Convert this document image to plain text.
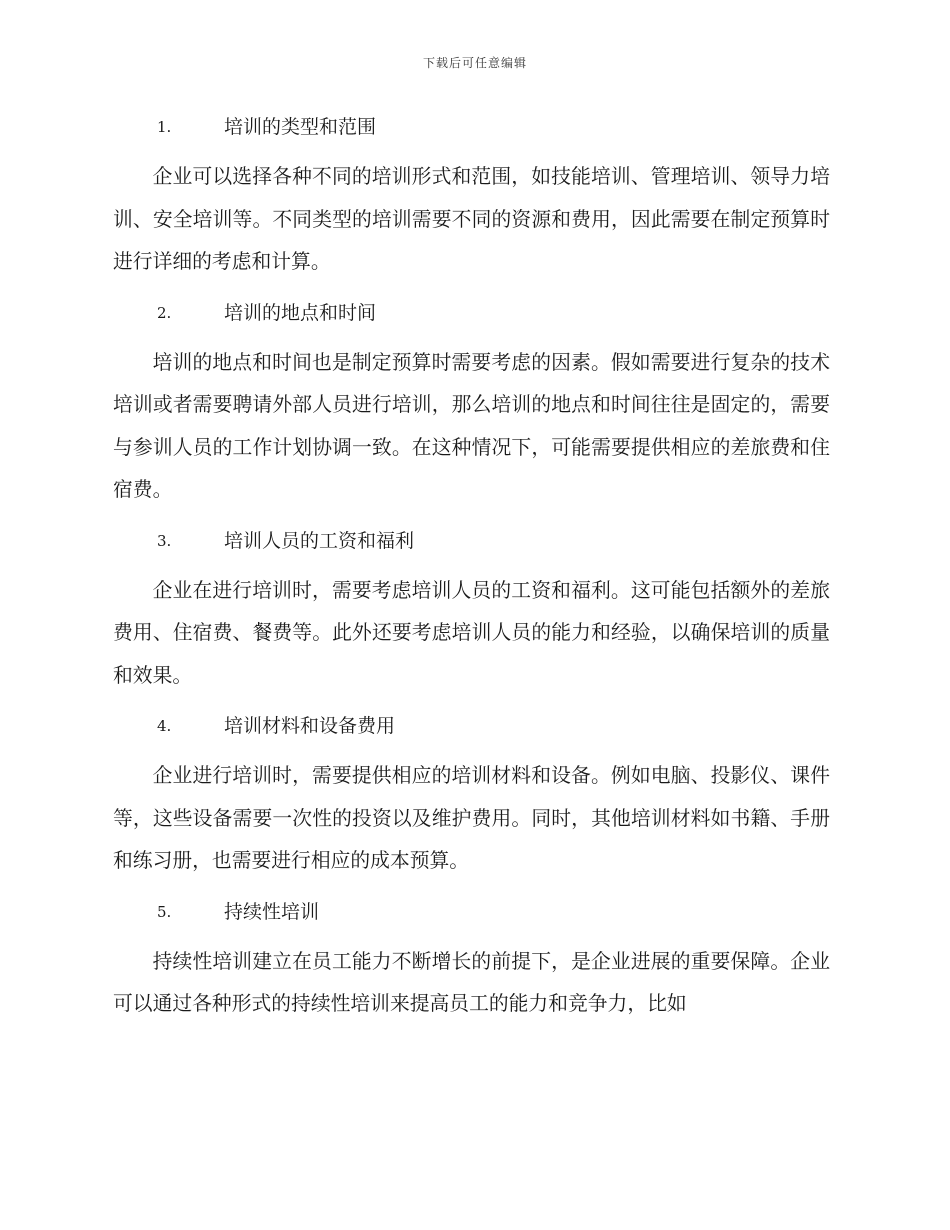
下载后可任意编辑
1.	培训的类型和范围

企业可以选择各种不同的培训形式和范围，如技能培训、管理培训、领导力培训、安全培训等。不同类型的培训需要不同的资源和费用，因此需要在制定预算时进行详细的考虑和计算。

2.	培训的地点和时间

培训的地点和时间也是制定预算时需要考虑的因素。假如需要进行复杂的技术培训或者需要聘请外部人员进行培训，那么培训的地点和时间往往是固定的，需要与参训人员的工作计划协调一致。在这种情况下，可能需要提供相应的差旅费和住宿费。

3.	培训人员的工资和福利

企业在进行培训时，需要考虑培训人员的工资和福利。这可能包括额外的差旅费用、住宿费、餐费等。此外还要考虑培训人员的能力和经验，以确保培训的质量和效果。

4.	培训材料和设备费用

企业进行培训时，需要提供相应的培训材料和设备。例如电脑、投影仪、课件等，这些设备需要一次性的投资以及维护费用。同时，其他培训材料如书籍、手册和练习册，也需要进行相应的成本预算。

5.	持续性培训

持续性培训建立在员工能力不断增长的前提下，是企业进展的重要保障。企业可以通过各种形式的持续性培训来提高员工的能力和竞争力，比如
